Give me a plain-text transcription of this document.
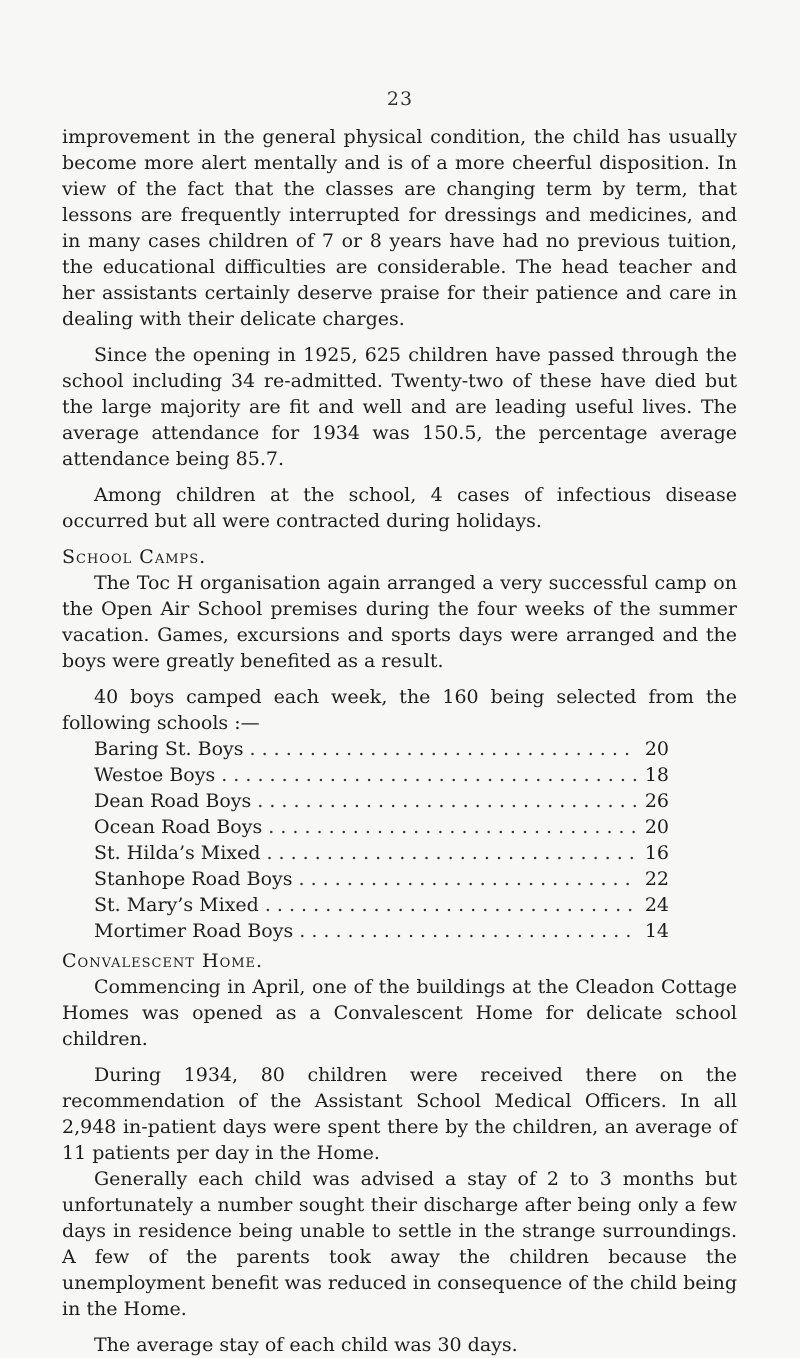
23

improvement in the general physical condition, the child has usually become more alert mentally and is of a more cheerful disposition. In view of the fact that the classes are changing term by term, that lessons are frequently interrupted for dressings and medicines, and in many cases children of 7 or 8 years have had no previous tuition, the educational difficulties are considerable. The head teacher and her assistants certainly deserve praise for their patience and care in dealing with their delicate charges.

Since the opening in 1925, 625 children have passed through the school including 34 re-admitted. Twenty-two of these have died but the large majority are fit and well and are leading useful lives. The average attendance for 1934 was 150.5, the percentage average attendance being 85.7.

Among children at the school, 4 cases of infectious disease occurred but all were contracted during holidays.

School Camps.

The Toc H organisation again arranged a very successful camp on the Open Air School premises during the four weeks of the summer vacation. Games, excursions and sports days were arranged and the boys were greatly benefited as a result.

40 boys camped each week, the 160 being selected from the following schools :—

Baring St. Boys . . .	20
Westoe Boys . . .	18
Dean Road Boys . . .	26
Ocean Road Boys . . .	20
St. Hilda’s Mixed . . .	16
Stanhope Road Boys . . .	22
St. Mary’s Mixed . . .	24
Mortimer Road Boys . . .	14

Convalescent Home.

Commencing in April, one of the buildings at the Cleadon Cottage Homes was opened as a Convalescent Home for delicate school children.

During 1934, 80 children were received there on the recommendation of the Assistant School Medical Officers. In all 2,948 in-patient days were spent there by the children, an average of 11 patients per day in the Home.

Generally each child was advised a stay of 2 to 3 months but unfortunately a number sought their discharge after being only a few days in residence being unable to settle in the strange surroundings. A few of the parents took away the children because the unemployment benefit was reduced in consequence of the child being in the Home.

The average stay of each child was 30 days.
